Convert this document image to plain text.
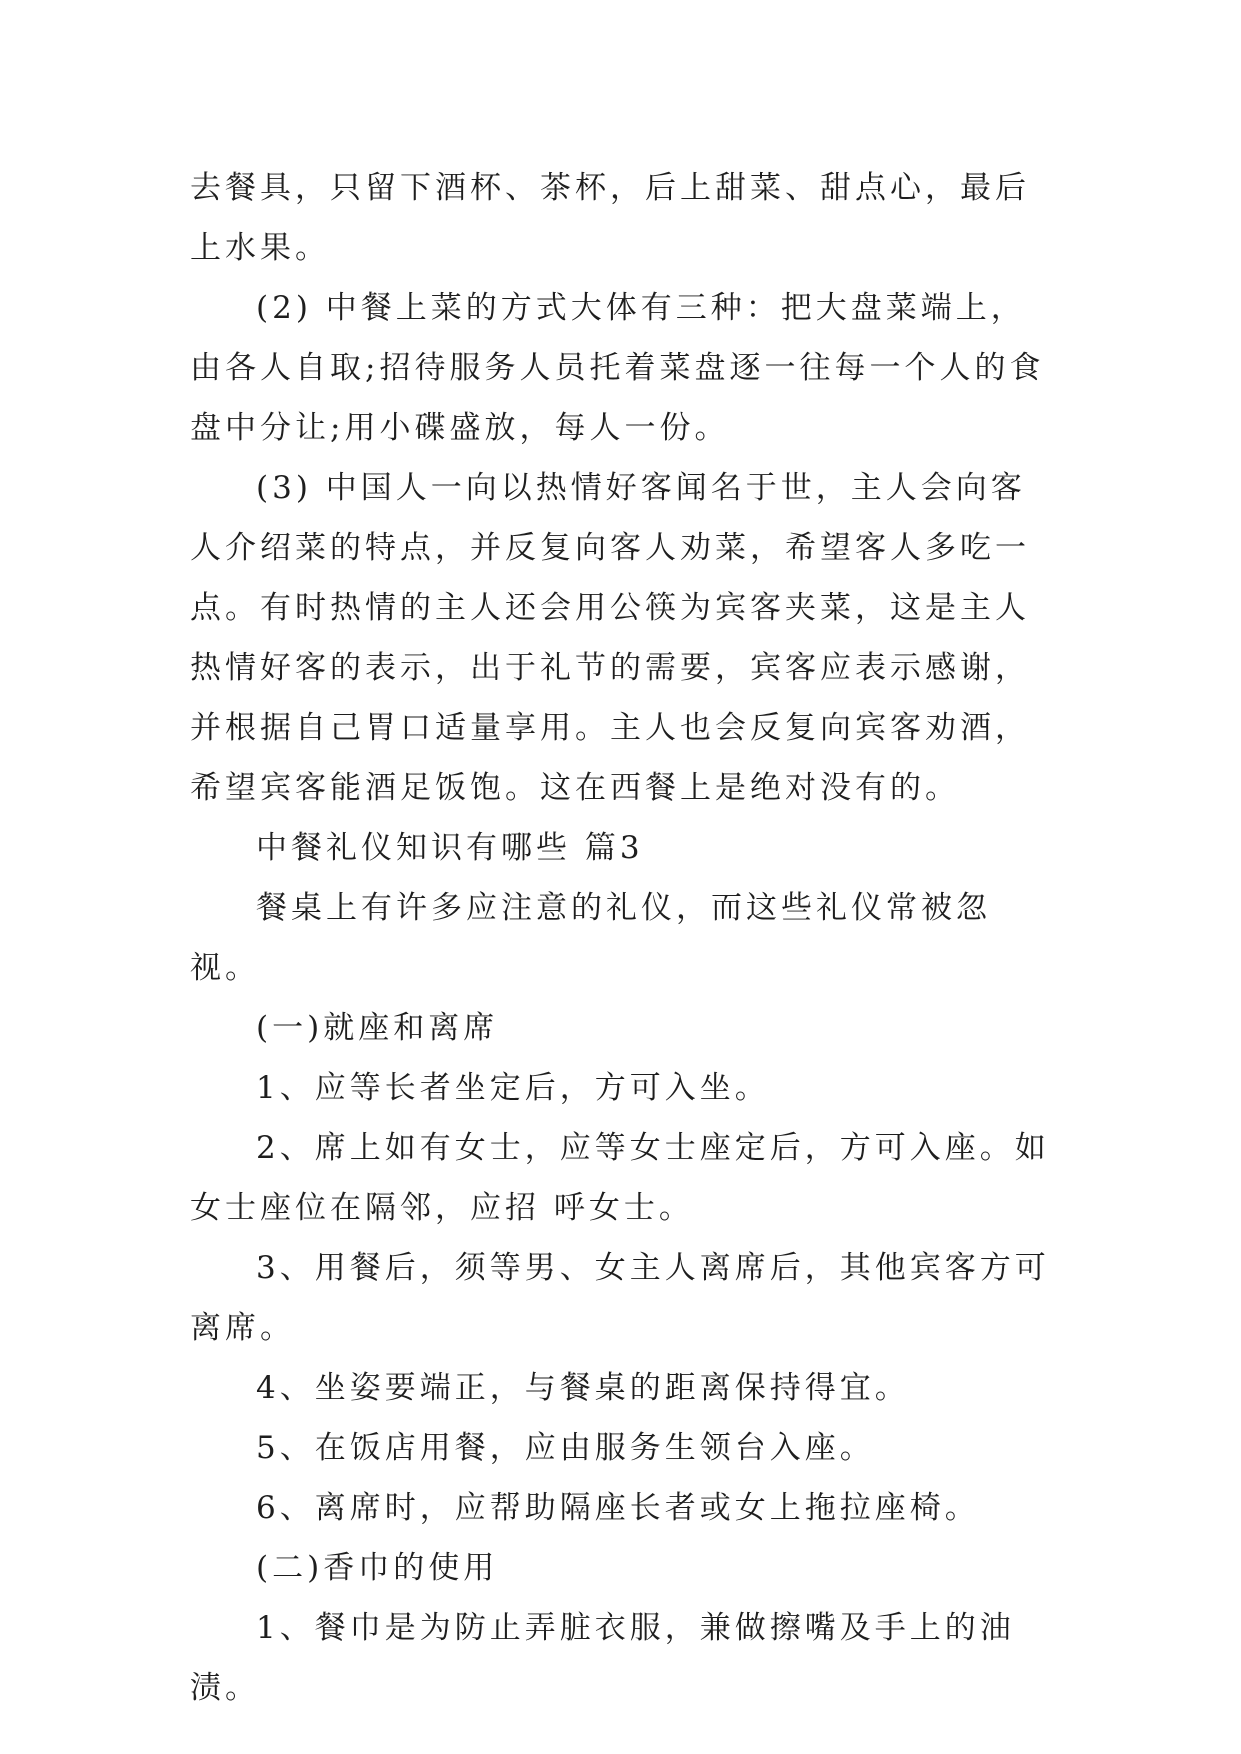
去餐具，只留下酒杯、茶杯，后上甜菜、甜点心，最后上水果。

(2) 中餐上菜的方式大体有三种：把大盘菜端上，由各人自取;招待服务人员托着菜盘逐一往每一个人的食盘中分让;用小碟盛放，每人一份。

(3) 中国人一向以热情好客闻名于世，主人会向客人介绍菜的特点，并反复向客人劝菜，希望客人多吃一点。有时热情的主人还会用公筷为宾客夹菜，这是主人热情好客的表示，出于礼节的需要，宾客应表示感谢，并根据自己胃口适量享用。主人也会反复向宾客劝酒，希望宾客能酒足饭饱。这在西餐上是绝对没有的。

中餐礼仪知识有哪些 篇3

餐桌上有许多应注意的礼仪，而这些礼仪常被忽视。

(一)就座和离席

1、应等长者坐定后，方可入坐。

2、席上如有女士，应等女士座定后，方可入座。如女士座位在隔邻，应招 呼女士。

3、用餐后，须等男、女主人离席后，其他宾客方可离席。

4、坐姿要端正，与餐桌的距离保持得宜。

5、在饭店用餐，应由服务生领台入座。

6、离席时，应帮助隔座长者或女上拖拉座椅。

(二)香巾的使用

1、餐巾是为防止弄脏衣服，兼做擦嘴及手上的油渍。
